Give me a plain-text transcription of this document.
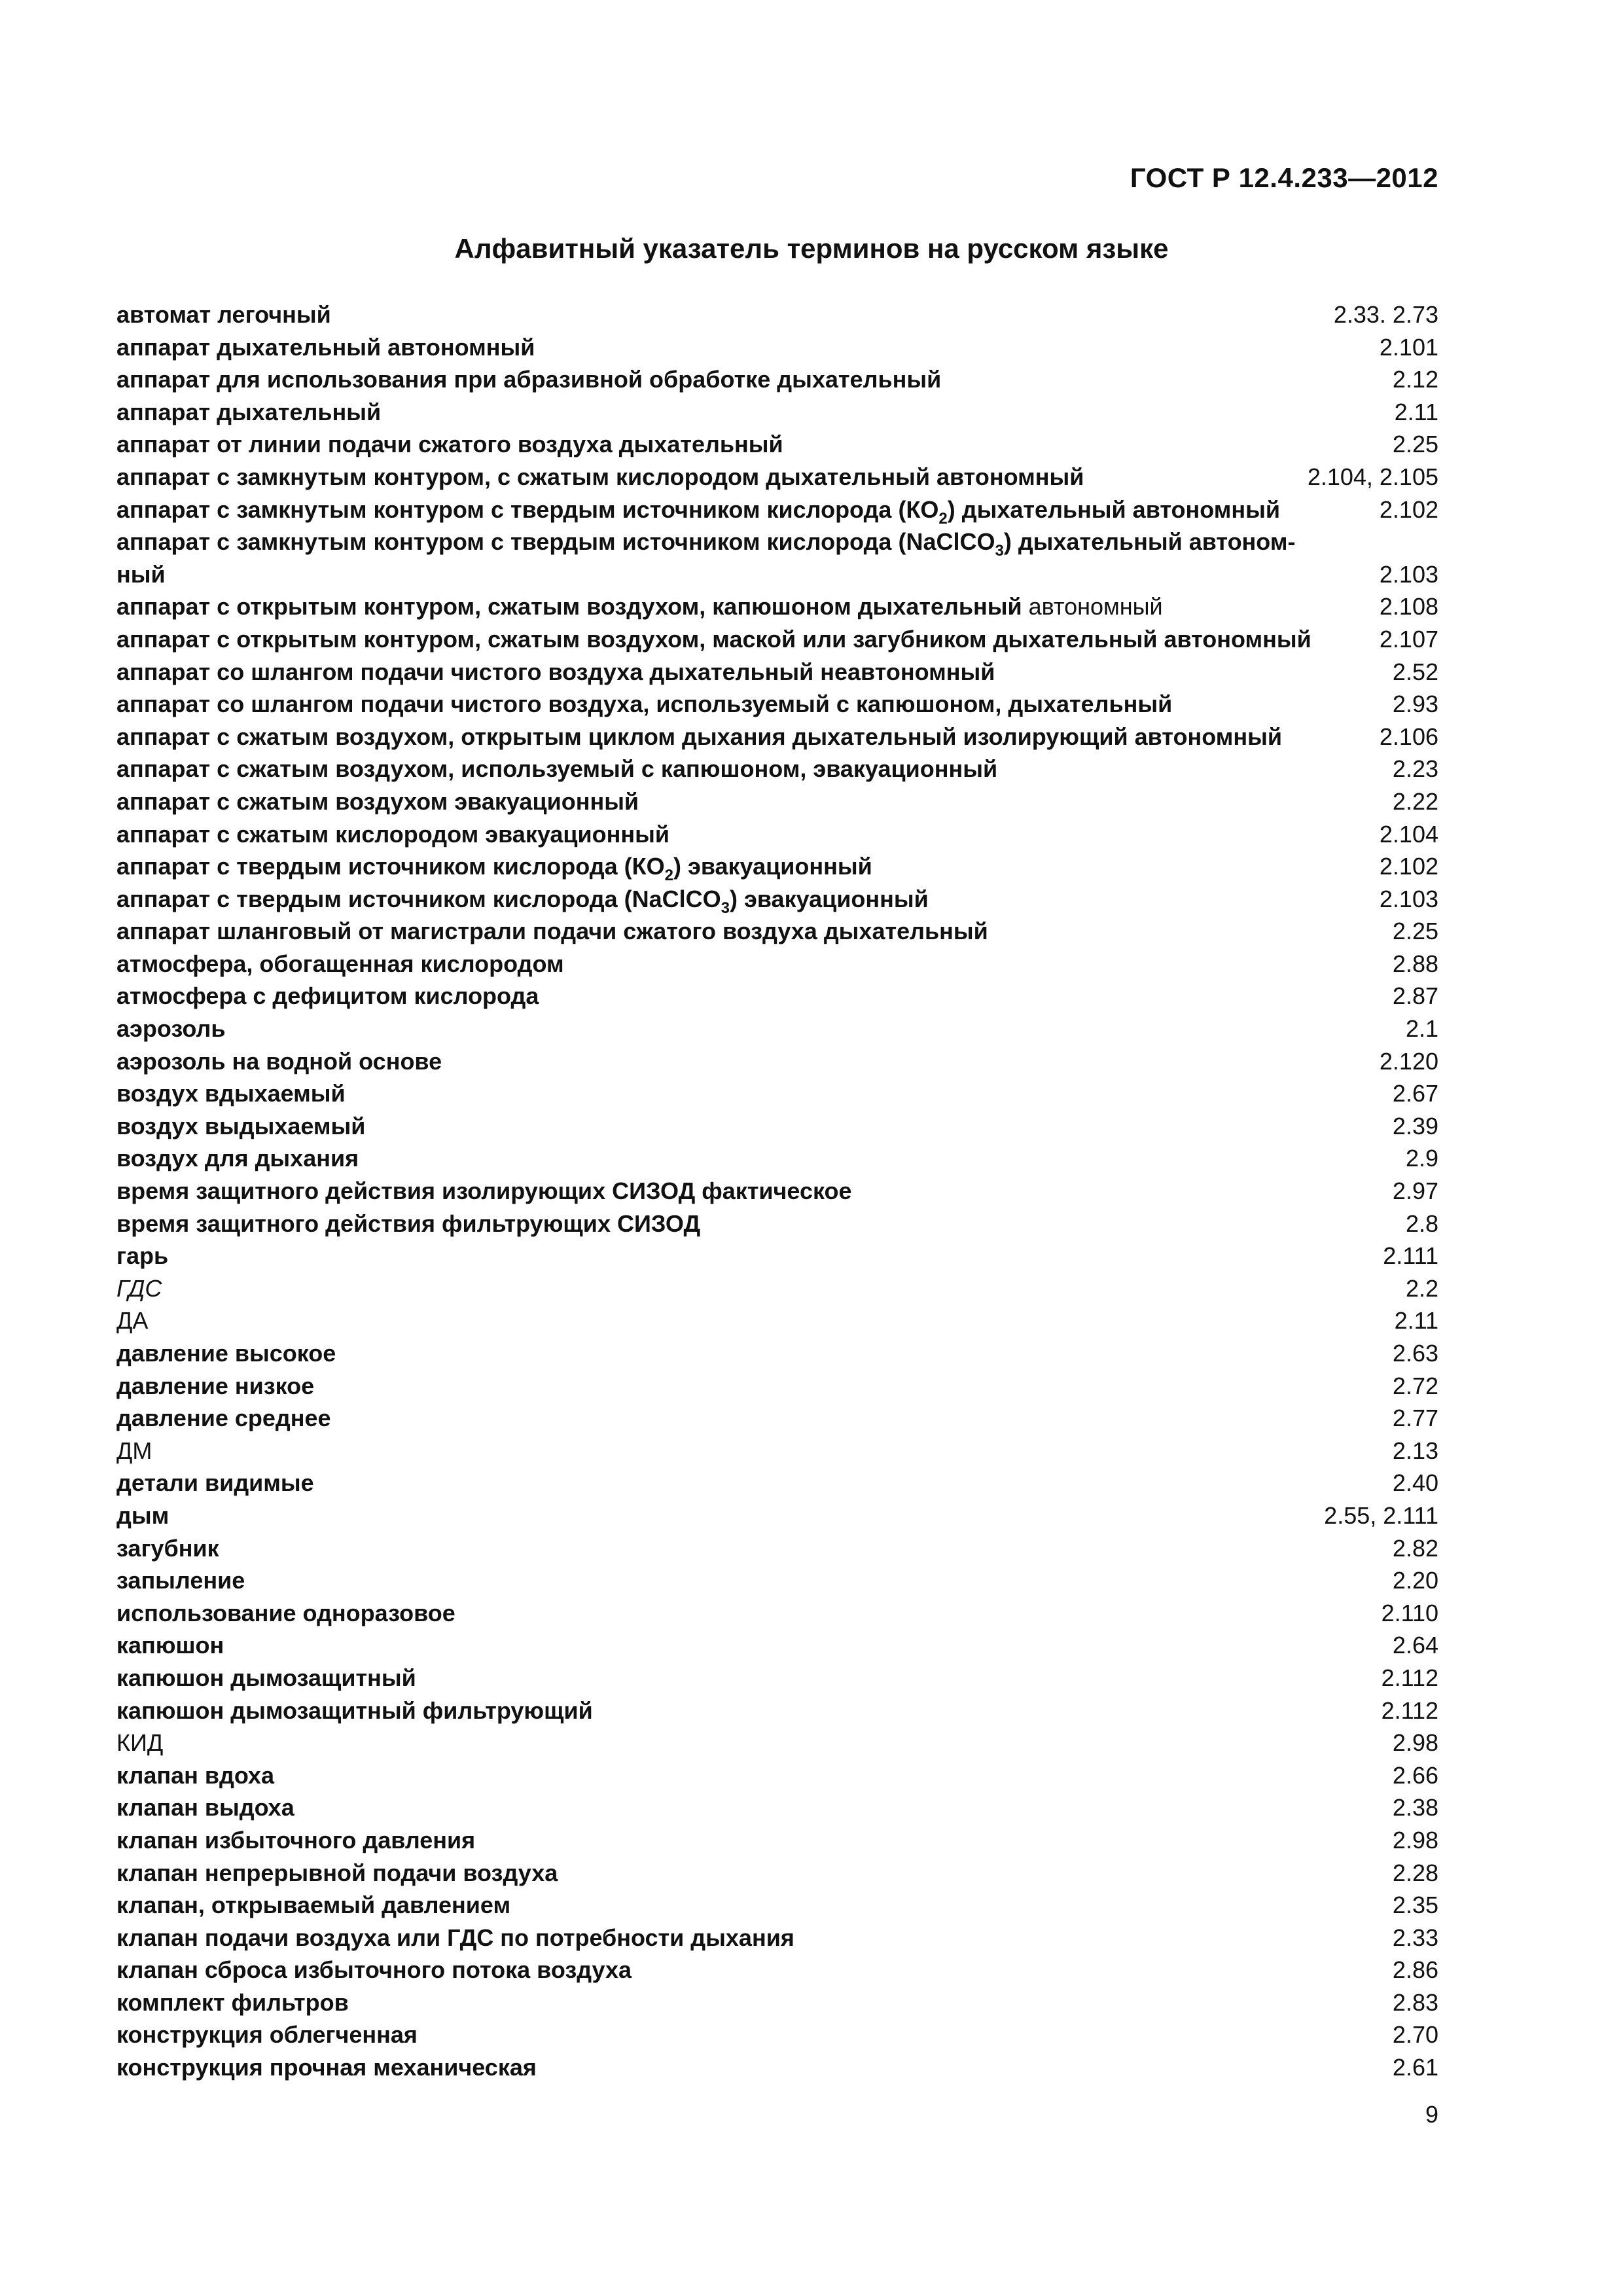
ГОСТ Р 12.4.233—2012
Алфавитный указатель терминов на русском языке
автомат легочный	2.33. 2.73
аппарат дыхательный автономный	2.101
аппарат для использования при абразивной обработке дыхательный	2.12
аппарат дыхательный	2.11
аппарат от линии подачи сжатого воздуха дыхательный	2.25
аппарат с замкнутым контуром, с сжатым кислородом дыхательный автономный	2.104, 2.105
аппарат с замкнутым контуром с твердым источником кислорода $(КО_2)$ дыхательный автономный	2.102
аппарат с замкнутым контуром с твердым источником кислорода (NaClCO$_3$) дыхательный автоном-
ный	2.103
аппарат с открытым контуром, сжатым воздухом, капюшоном дыхательный автономный	2.108
аппарат с открытым контуром, сжатым воздухом, маской или загубником дыхательный автономный	2.107
аппарат со шлангом подачи чистого воздуха дыхательный неавтономный	2.52
аппарат со шлангом подачи чистого воздуха, используемый с капюшоном, дыхательный	2.93
аппарат с сжатым воздухом, открытым циклом дыхания дыхательный изолирующий автономный	2.106
аппарат с сжатым воздухом, используемый с капюшоном, эвакуационный	2.23
аппарат с сжатым воздухом эвакуационный	2.22
аппарат с сжатым кислородом эвакуационный	2.104
аппарат с твердым источником кислорода $(КО_2)$ эвакуационный	2.102
аппарат с твердым источником кислорода (NaClCO$_3$) эвакуационный	2.103
аппарат шланговый от магистрали подачи сжатого воздуха дыхательный	2.25
атмосфера, обогащенная кислородом	2.88
атмосфера с дефицитом кислорода	2.87
аэрозоль	2.1
аэрозоль на водной основе	2.120
воздух вдыхаемый	2.67
воздух выдыхаемый	2.39
воздух для дыхания	2.9
время защитного действия изолирующих СИЗОД фактическое	2.97
время защитного действия фильтрующих СИЗОД	2.8
гарь	2.111
ГДС	2.2
ДА	2.11
давление высокое	2.63
давление низкое	2.72
давление среднее	2.77
ДМ	2.13
детали видимые	2.40
дым	2.55, 2.111
загубник	2.82
запыление	2.20
использование одноразовое	2.110
капюшон	2.64
капюшон дымозащитный	2.112
капюшон дымозащитный фильтрующий	2.112
КИД	2.98
клапан вдоха	2.66
клапан выдоха	2.38
клапан избыточного давления	2.98
клапан непрерывной подачи воздуха	2.28
клапан, открываемый давлением	2.35
клапан подачи воздуха или ГДС по потребности дыхания	2.33
клапан сброса избыточного потока воздуха	2.86
комплект фильтров	2.83
конструкция облегченная	2.70
конструкция прочная механическая	2.61
9
